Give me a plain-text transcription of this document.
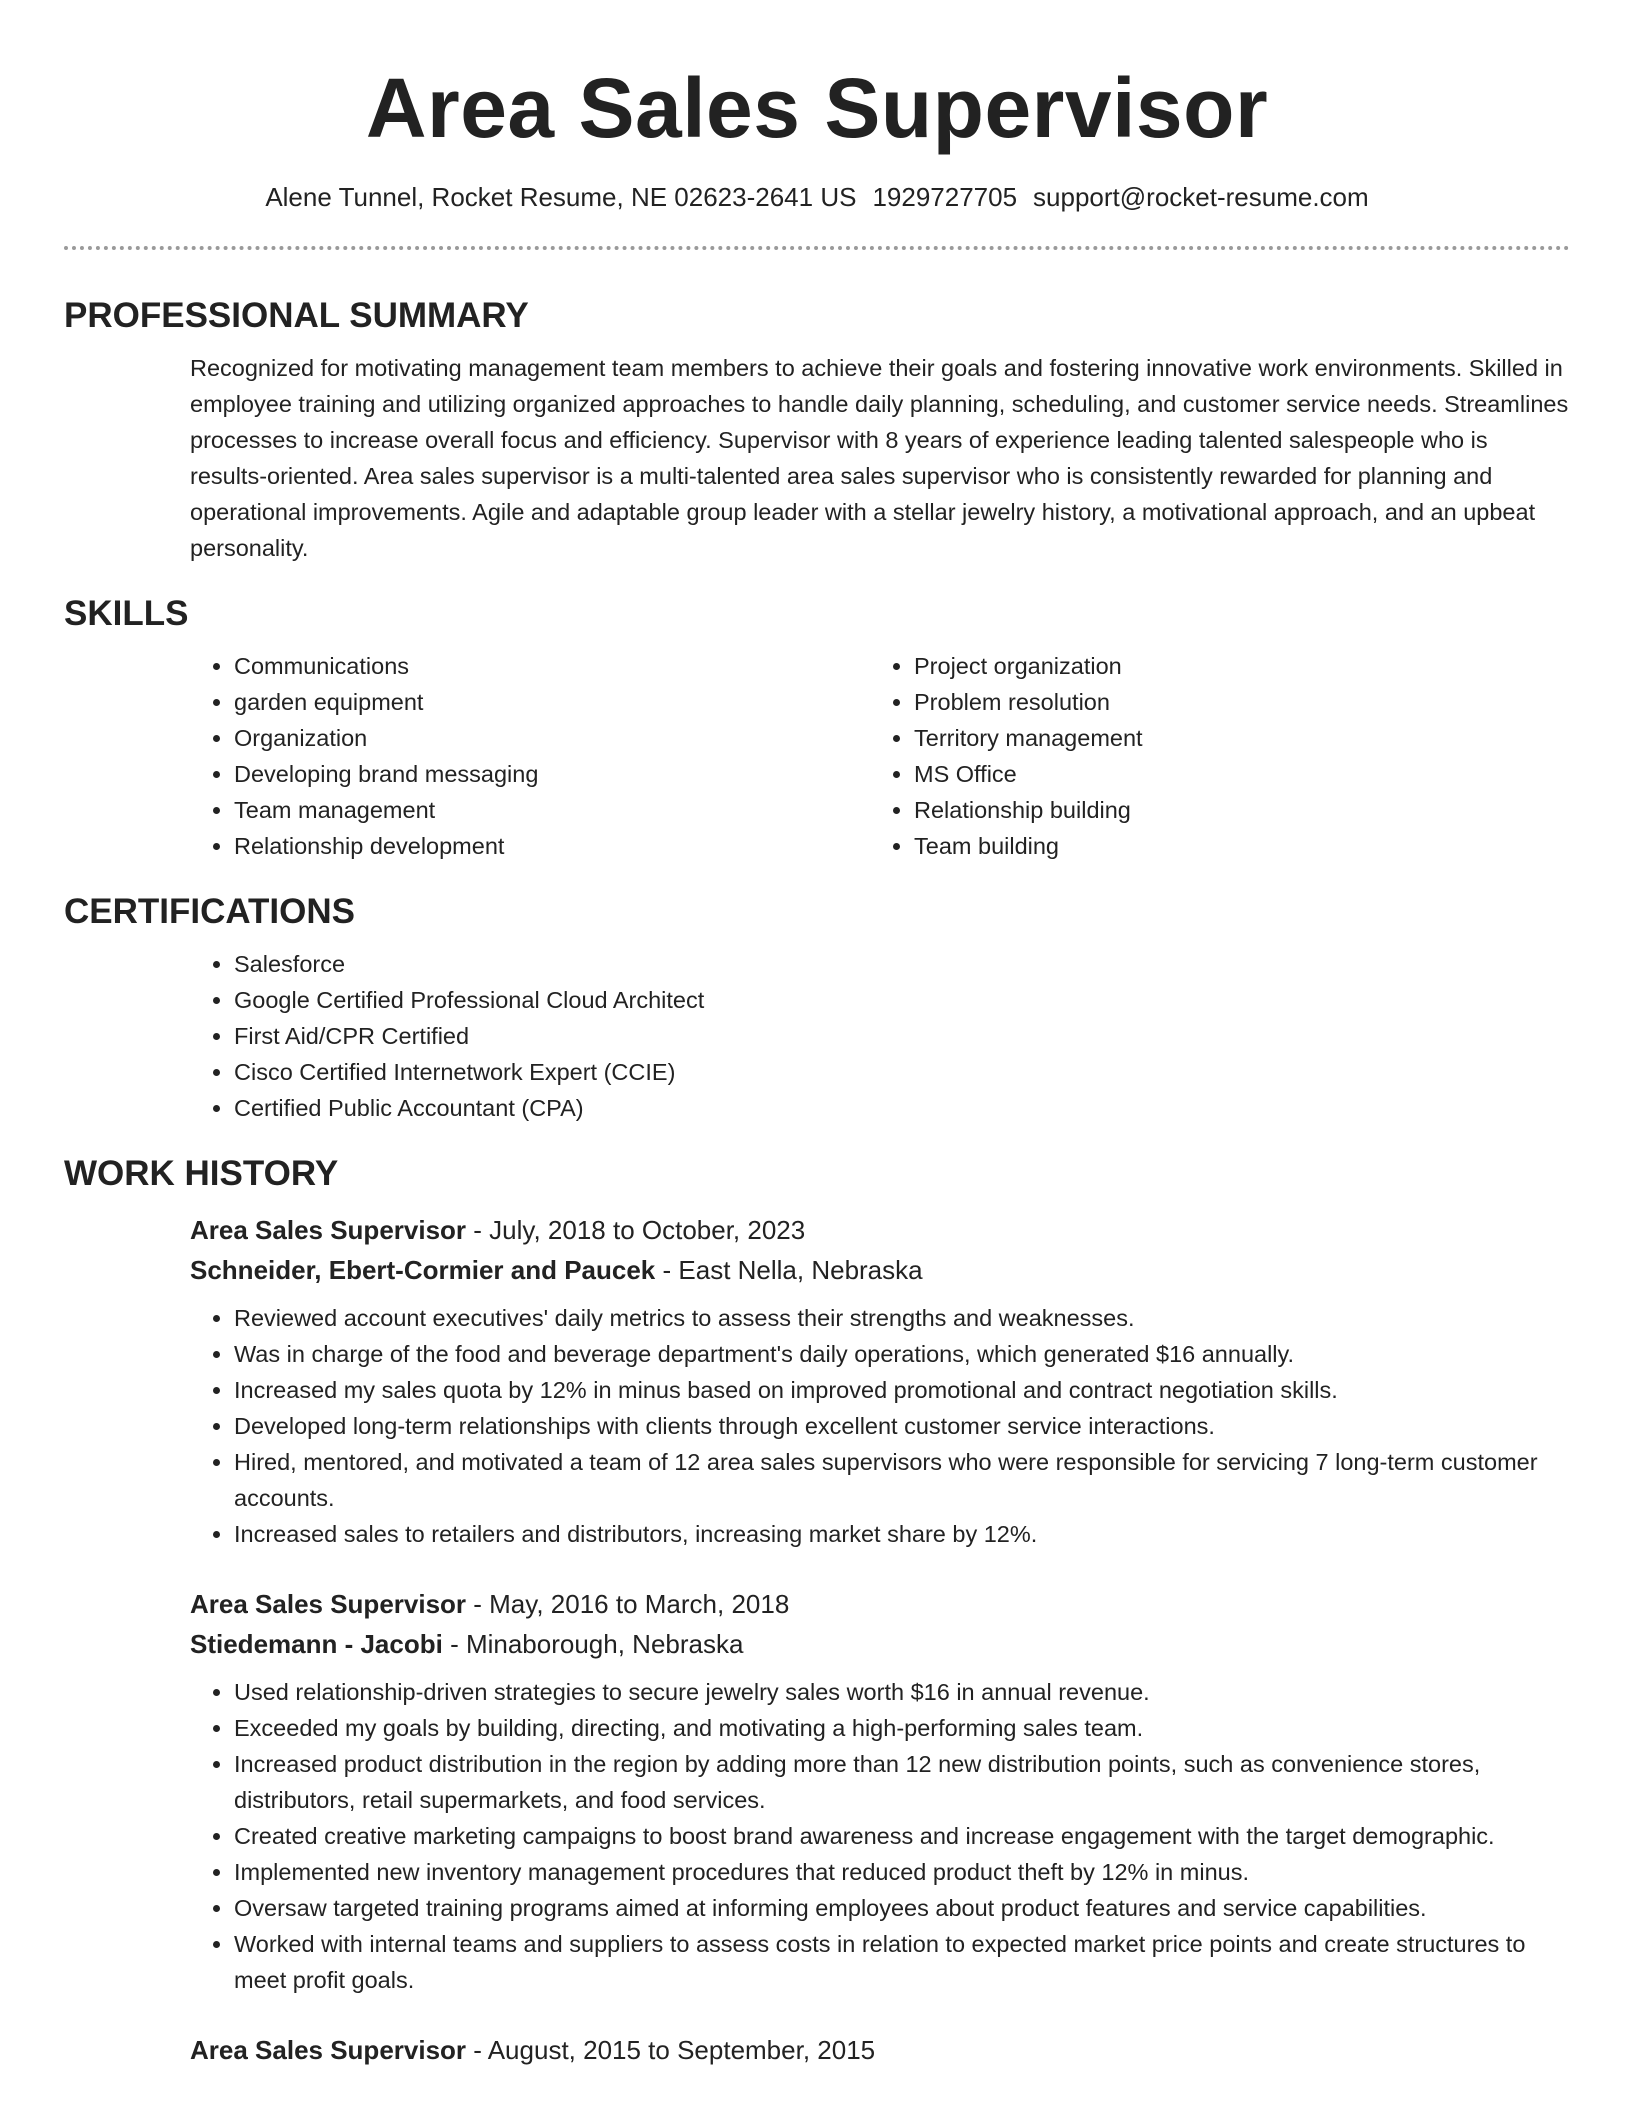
Area Sales Supervisor
Alene Tunnel, Rocket Resume, NE 02623-2641 US 1929727705 support@rocket-resume.com
PROFESSIONAL SUMMARY

Recognized for motivating management team members to achieve their goals and fostering innovative work environments. Skilled in employee training and utilizing organized approaches to handle daily planning, scheduling, and customer service needs. Streamlines processes to increase overall focus and efficiency. Supervisor with 8 years of experience leading talented salespeople who is results-oriented. Area sales supervisor is a multi-talented area sales supervisor who is consistently rewarded for planning and operational improvements. Agile and adaptable group leader with a stellar jewelry history, a motivational approach, and an upbeat personality.

SKILLS
• Communications
• garden equipment
• Organization
• Developing brand messaging
• Team management
• Relationship development
• Project organization
• Problem resolution
• Territory management
• MS Office
• Relationship building
• Team building
CERTIFICATIONS
• Salesforce
• Google Certified Professional Cloud Architect
• First Aid/CPR Certified
• Cisco Certified Internetwork Expert (CCIE)
• Certified Public Accountant (CPA)
WORK HISTORY
Area Sales Supervisor - July, 2018 to October, 2023
Schneider, Ebert-Cormier and Paucek - East Nella, Nebraska
• Reviewed account executives' daily metrics to assess their strengths and weaknesses.
• Was in charge of the food and beverage department's daily operations, which generated $16 annually.
• Increased my sales quota by 12% in minus based on improved promotional and contract negotiation skills.
• Developed long-term relationships with clients through excellent customer service interactions.
• Hired, mentored, and motivated a team of 12 area sales supervisors who were responsible for servicing 7 long-term customer accounts.
• Increased sales to retailers and distributors, increasing market share by 12%.
Area Sales Supervisor - May, 2016 to March, 2018
Stiedemann - Jacobi - Minaborough, Nebraska
• Used relationship-driven strategies to secure jewelry sales worth $16 in annual revenue.
• Exceeded my goals by building, directing, and motivating a high-performing sales team.
• Increased product distribution in the region by adding more than 12 new distribution points, such as convenience stores, distributors, retail supermarkets, and food services.
• Created creative marketing campaigns to boost brand awareness and increase engagement with the target demographic.
• Implemented new inventory management procedures that reduced product theft by 12% in minus.
• Oversaw targeted training programs aimed at informing employees about product features and service capabilities.
• Worked with internal teams and suppliers to assess costs in relation to expected market price points and create structures to meet profit goals.
Area Sales Supervisor - August, 2015 to September, 2015
